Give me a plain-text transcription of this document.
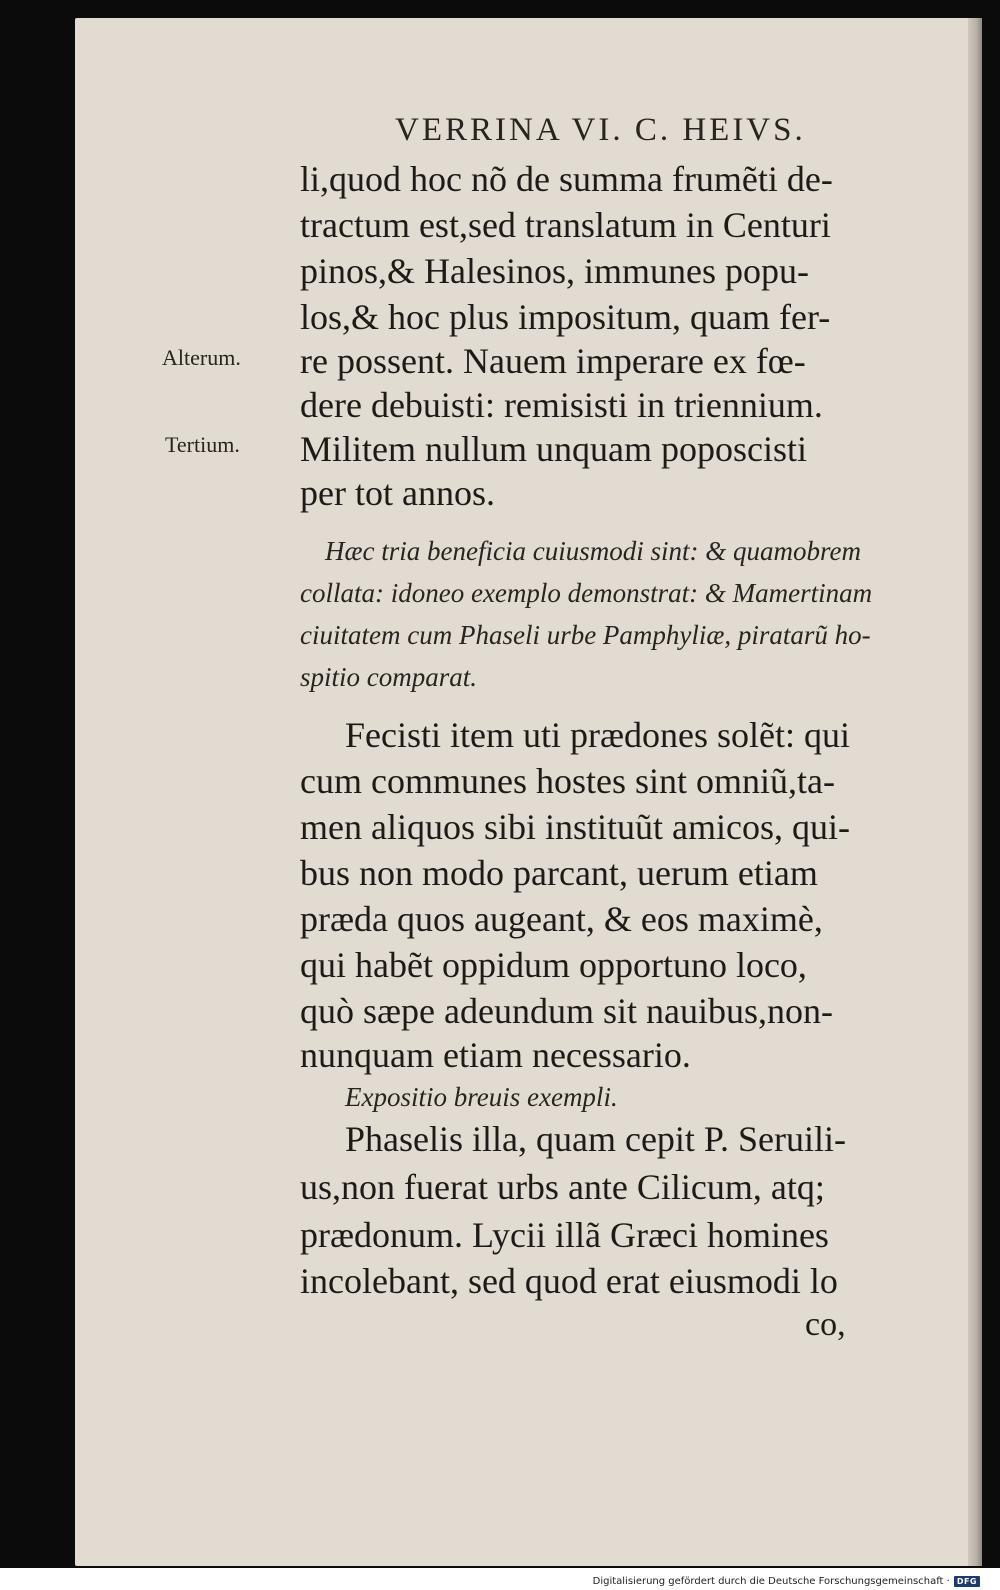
VERRINA VI. C. HEIVS.
Alterum.
Tertium.
li,quod hoc nõ de summa frumẽti de-
tractum est,sed translatum in Centuri
pinos,& Halesinos, immunes popu-
los,& hoc plus impositum, quam fer-
re possent. Nauem imperare ex fœ-
dere debuisti: remisisti in triennium.
Militem nullum unquam poposcisti
per tot annos.
Hæc tria beneficia cuiusmodi sint: & quamobrem
collata: idoneo exemplo demonstrat: & Mamertinam
ciuitatem cum Phaseli urbe Pamphyliæ, piratarũ ho-
spitio comparat.
Fecisti item uti prædones solẽt: qui
cum communes hostes sint omniũ,ta-
men aliquos sibi instituũt amicos, qui-
bus non modo parcant, uerum etiam
præda quos augeant, & eos maximè,
qui habẽt oppidum opportuno loco,
quò sæpe adeundum sit nauibus,non-
nunquam etiam necessario.
Expositio breuis exempli.
Phaselis illa, quam cepit P. Seruili-
us,non fuerat urbs ante Cilicum, atq;
prædonum. Lycii illã Græci homines
incolebant, sed quod erat eiusmodi lo
co,
Digitalisierung gefördert durch die Deutsche Forschungsgemeinschaft · DFG
